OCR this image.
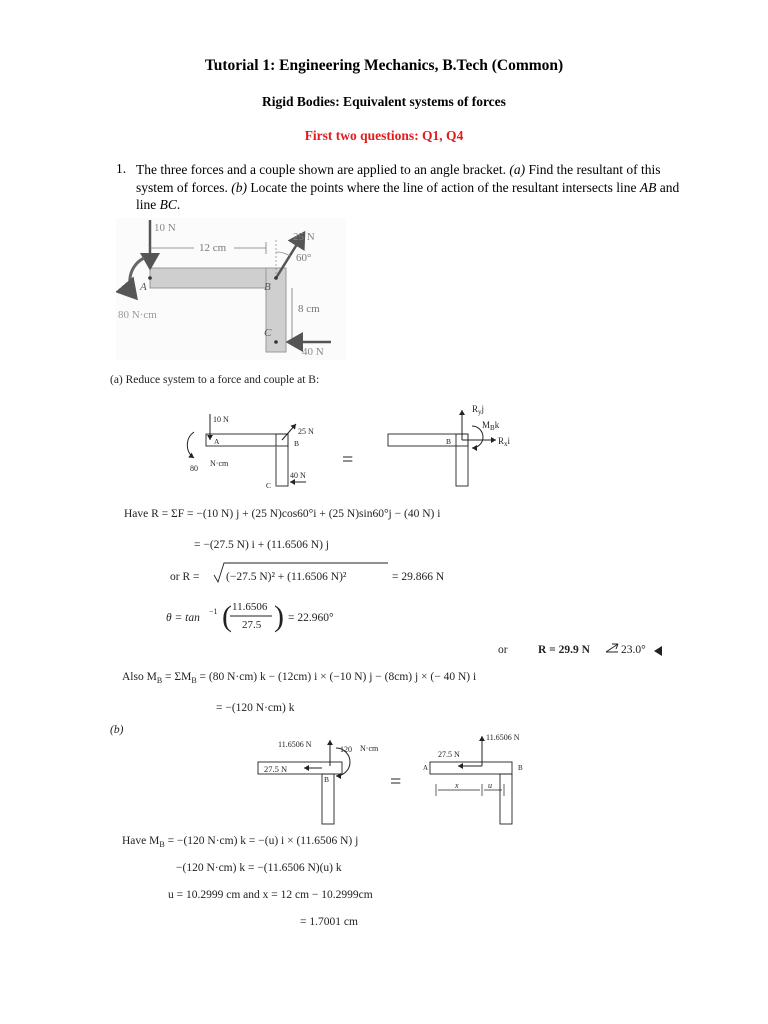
Tutorial 1: Engineering Mechanics, B.Tech (Common)
Rigid Bodies: Equivalent systems of forces
First two questions: Q1, Q4
1. The three forces and a couple shown are applied to an angle bracket. (a) Find the resultant of this system of forces. (b) Locate the points where the line of action of the resultant intersects line AB and line BC.
10 N
12 cm
25 N
60°
A	B
C
8 cm
80 N·cm
40 N
(a) Reduce system to a force and couple at B:
10 N
25 N
A	B
C
80
N·cm
40 N
=
$R_yj$
$M_Bk$
$R_xi$
B
Have R = ΣF = −(10 N) j + (25 N)cos60°i + (25 N)sin60°j − (40 N) i
= −(27.5 N) i + (11.6506 N) j
or R = (−27.5 N)² + (11.6506 N)²	= 29.866 N
θ = tan
−1 ( 11.6506
27.5 ) = 22.960°
or	R = 29.9 N	23.0°
Also $M_B = \Sigma M_B = (80$ N·cm) k − (12cm) i × (−10 N) j − (8cm) j × (− 40 N) i
= −(120 N·cm) k
(b)
11.6506 N
120 N·cm
27.5 N
B	=
11.6506 N
27.5 N
A	B
x	u
Have $M_B = -(120$ N·cm) k = −(u) i × (11.6506 N) j
−(120 N·cm) k = −(11.6506 N)(u) k
u = 10.2999 cm and x = 12 cm − 10.2999cm
= 1.7001 cm
